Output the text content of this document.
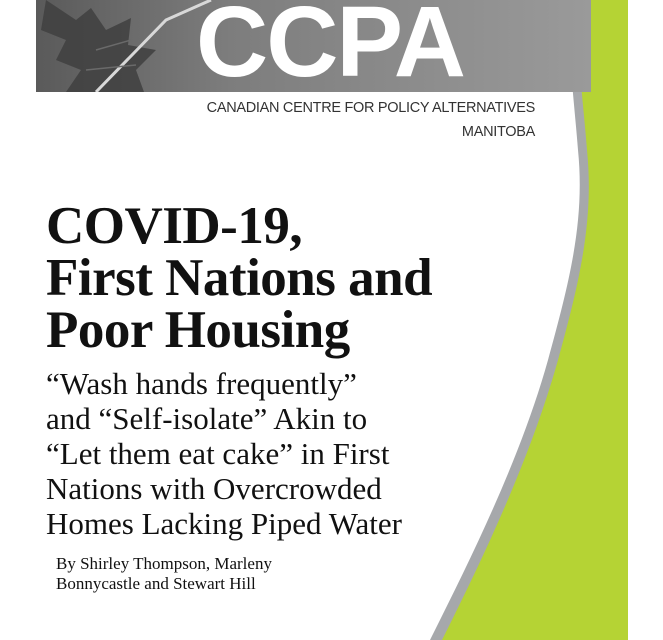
CCPA
CANADIAN CENTRE FOR POLICY ALTERNATIVES
MANITOBA
COVID-19,
First Nations and
Poor Housing
“Wash hands frequently”
and “Self-isolate” Akin to
“Let them eat cake” in First
Nations with Overcrowded
Homes Lacking Piped Water
By Shirley Thompson, Marleny
Bonnycastle and Stewart Hill
